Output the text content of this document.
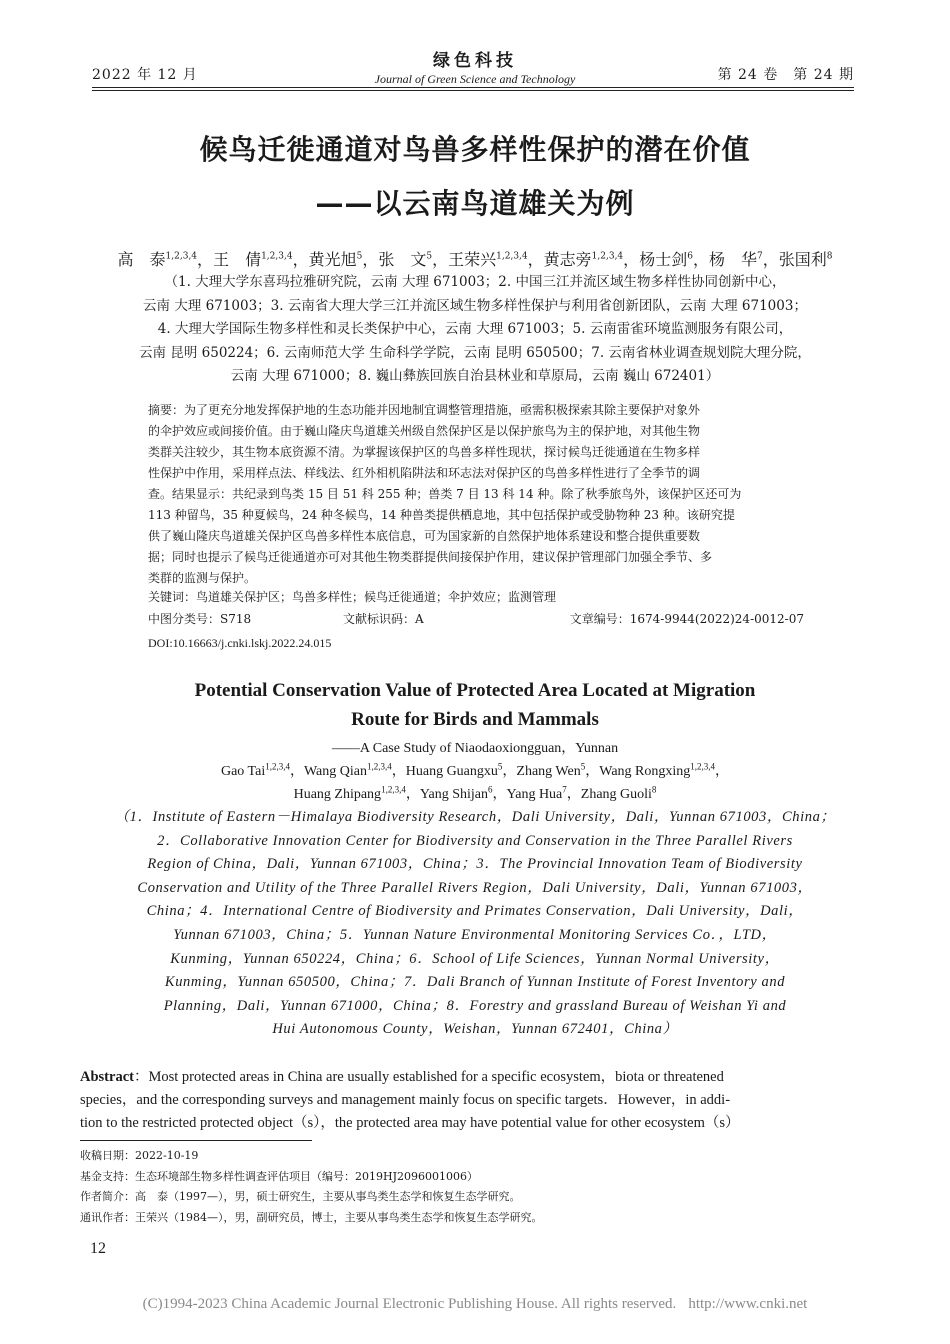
2022 年 12 月
绿色科技
Journal of Green Science and Technology	第 24 卷　第 24 期
候鸟迁徙通道对鸟兽多样性保护的潜在价值
——以云南鸟道雄关为例
高　泰$^{1,2,3,4}$，王　倩$^{1,2,3,4}$，黄光旭$^5$，张　文$^5$，王荣兴$^{1,2,3,4}$，黄志旁$^{1,2,3,4}$，杨士剑$^6$，杨　华$^7$，张国利$^8$
（1. 大理大学东喜玛拉雅研究院，云南 大理 671003；2. 中国三江并流区域生物多样性协同创新中心，
云南 大理 671003；3. 云南省大理大学三江并流区域生物多样性保护与利用省创新团队，云南 大理 671003；
4. 大理大学国际生物多样性和灵长类保护中心，云南 大理 671003；5. 云南雷雀环境监测服务有限公司，
云南 昆明 650224；6. 云南师范大学 生命科学学院，云南 昆明 650500；7. 云南省林业调查规划院大理分院，
云南 大理 671000；8. 巍山彝族回族自治县林业和草原局，云南 巍山 672401）
摘要：为了更充分地发挥保护地的生态功能并因地制宜调整管理措施，亟需积极探索其除主要保护对象外
的伞护效应或间接价值。由于巍山隆庆鸟道雄关州级自然保护区是以保护旅鸟为主的保护地，对其他生物
类群关注较少，其生物本底资源不清。为掌握该保护区的鸟兽多样性现状，探讨候鸟迁徙通道在生物多样
性保护中作用，采用样点法、样线法、红外相机陷阱法和环志法对保护区的鸟兽多样性进行了全季节的调
查。结果显示：共纪录到鸟类 15 目 51 科 255 种；兽类 7 目 13 科 14 种。除了秋季旅鸟外，该保护区还可为
113 种留鸟，35 种夏候鸟，24 种冬候鸟，14 种兽类提供栖息地，其中包括保护或受胁物种 23 种。该研究提
供了巍山隆庆鸟道雄关保护区鸟兽多样性本底信息，可为国家新的自然保护地体系建设和整合提供重要数
据；同时也提示了候鸟迁徙通道亦可对其他生物类群提供间接保护作用，建议保护管理部门加强全季节、多
类群的监测与保护。
关键词：鸟道雄关保护区；鸟兽多样性；候鸟迁徙通道；伞护效应；监测管理
中图分类号：S718	文献标识码：A	文章编号：1674-9944(2022)24-0012-07
DOI:10.16663/j.cnki.lskj.2022.24.015
Potential Conservation Value of Protected Area Located at Migration
Route for Birds and Mammals
——A Case Study of Niaodaoxiongguan，Yunnan
Gao Tai$^{1,2,3,4}$，Wang Qian$^{1,2,3,4}$，Huang Guangxu$^5$，Zhang Wen$^5$，Wang Rongxing$^{1,2,3,4}$，
Huang Zhipang$^{1,2,3,4}$，Yang Shijan$^6$，Yang Hua$^7$，Zhang Guoli$^8$
（1．Institute of Eastern－Himalaya Biodiversity Research，Dali University，Dali，Yunnan 671003，China；
2．Collaborative Innovation Center for Biodiversity and Conservation in the Three Parallel Rivers
Region of China，Dali，Yunnan 671003，China；3．The Provincial Innovation Team of Biodiversity
Conservation and Utility of the Three Parallel Rivers Region，Dali University，Dali，Yunnan 671003，
China；4．International Centre of Biodiversity and Primates Conservation，Dali University，Dali，
Yunnan 671003，China；5．Yunnan Nature Environmental Monitoring Services Co．，LTD，
Kunming，Yunnan 650224，China；6．School of Life Sciences，Yunnan Normal University，
Kunming，Yunnan 650500，China；7．Dali Branch of Yunnan Institute of Forest Inventory and
Planning，Dali，Yunnan 671000，China；8．Forestry and grassland Bureau of Weishan Yi and
Hui Autonomous County，Weishan，Yunnan 672401，China）
Abstract：Most protected areas in China are usually established for a specific ecosystem，biota or threatened
species，and the corresponding surveys and management mainly focus on specific targets．However，in addi-
tion to the restricted protected object（s），the protected area may have potential value for other ecosystem（s）
收稿日期：2022-10-19
基金支持：生态环境部生物多样性调查评估项目（编号：2019HJ2096001006）
作者简介：高　泰（1997—），男，硕士研究生，主要从事鸟类生态学和恢复生态学研究。
通讯作者：王荣兴（1984—），男，副研究员，博士，主要从事鸟类生态学和恢复生态学研究。
12
(C)1994-2023 China Academic Journal Electronic Publishing House. All rights reserved. http://www.cnki.net
